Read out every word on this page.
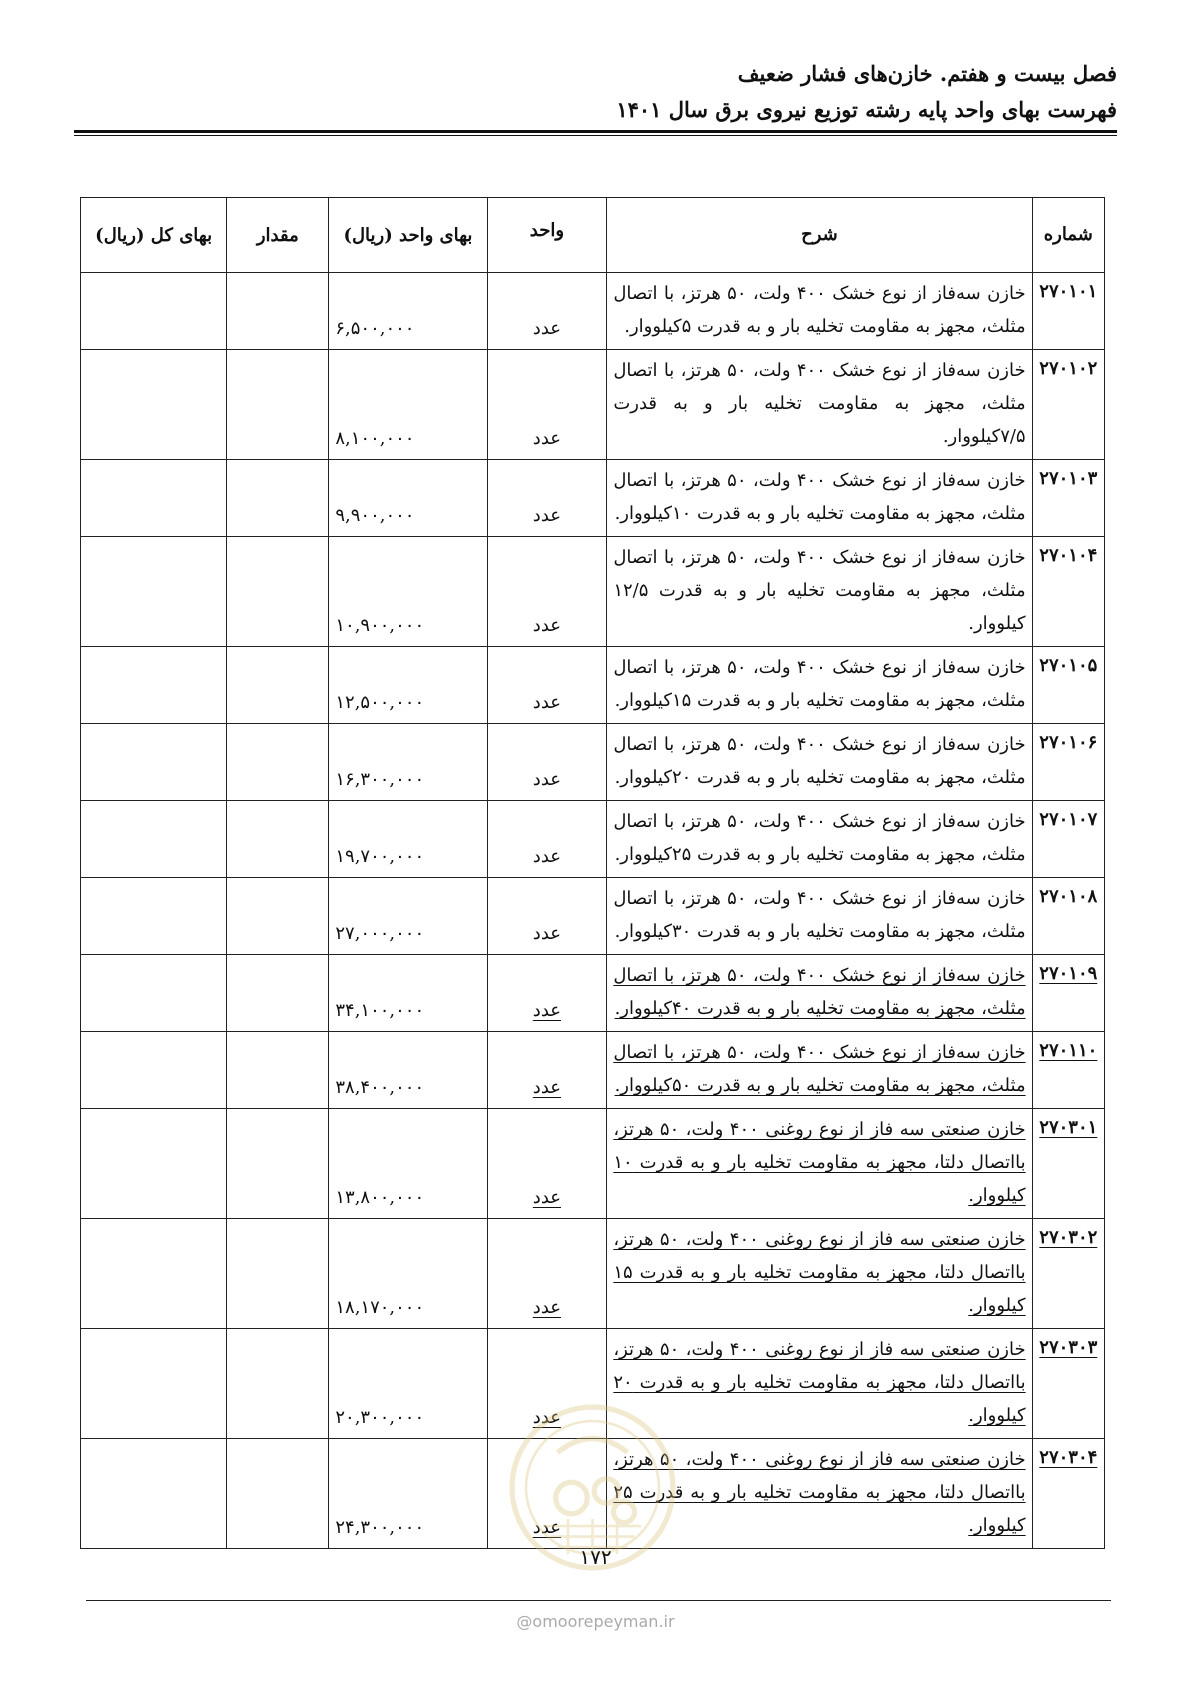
فصل بیست و هفتم. خازن‌های فشار ضعیف
فهرست بهای واحد پایه رشته توزیع نیروی برق سال ۱۴۰۱
شماره	شرح	واحد	بهای واحد (ریال)	مقدار	بهای کل (ریال)
۲۷۰۱۰۱	خازن سه‌فاز از نوع خشک ۴۰۰ ولت، ۵۰ هرتز، با اتصال مثلث، مجهز به مقاومت تخلیه بار و به قدرت ۵کیلووار.	عدد	۶,۵۰۰,۰۰۰		
۲۷۰۱۰۲	خازن سه‌فاز از نوع خشک ۴۰۰ ولت، ۵۰ هرتز، با اتصال مثلث، مجهز به مقاومت تخلیه بار و به قدرت ۷/۵کیلووار.	عدد	۸,۱۰۰,۰۰۰		
۲۷۰۱۰۳	خازن سه‌فاز از نوع خشک ۴۰۰ ولت، ۵۰ هرتز، با اتصال مثلث، مجهز به مقاومت تخلیه بار و به قدرت ۱۰کیلووار.	عدد	۹,۹۰۰,۰۰۰		
۲۷۰۱۰۴	خازن سه‌فاز از نوع خشک ۴۰۰ ولت، ۵۰ هرتز، با اتصال مثلث، مجهز به مقاومت تخلیه بار و به قدرت ۱۲/۵ کیلووار.	عدد	۱۰,۹۰۰,۰۰۰		
۲۷۰۱۰۵	خازن سه‌فاز از نوع خشک ۴۰۰ ولت، ۵۰ هرتز، با اتصال مثلث، مجهز به مقاومت تخلیه بار و به قدرت ۱۵کیلووار.	عدد	۱۲,۵۰۰,۰۰۰		
۲۷۰۱۰۶	خازن سه‌فاز از نوع خشک ۴۰۰ ولت، ۵۰ هرتز، با اتصال مثلث، مجهز به مقاومت تخلیه بار و به قدرت ۲۰کیلووار.	عدد	۱۶,۳۰۰,۰۰۰		
۲۷۰۱۰۷	خازن سه‌فاز از نوع خشک ۴۰۰ ولت، ۵۰ هرتز، با اتصال مثلث، مجهز به مقاومت تخلیه بار و به قدرت ۲۵کیلووار.	عدد	۱۹,۷۰۰,۰۰۰		
۲۷۰۱۰۸	خازن سه‌فاز از نوع خشک ۴۰۰ ولت، ۵۰ هرتز، با اتصال مثلث، مجهز به مقاومت تخلیه بار و به قدرت ۳۰کیلووار.	عدد	۲۷,۰۰۰,۰۰۰		
۲۷۰۱۰۹	خازن سه‌فاز از نوع خشک ۴۰۰ ولت، ۵۰ هرتز، با اتصال مثلث، مجهز به مقاومت تخلیه بار و به قدرت ۴۰کیلووار.	عدد	۳۴,۱۰۰,۰۰۰		
۲۷۰۱۱۰	خازن سه‌فاز از نوع خشک ۴۰۰ ولت، ۵۰ هرتز، با اتصال مثلث، مجهز به مقاومت تخلیه بار و به قدرت ۵۰کیلووار.	عدد	۳۸,۴۰۰,۰۰۰		
۲۷۰۳۰۱	خازن صنعتی سه فاز از نوع روغنی ۴۰۰ ولت، ۵۰ هرتز، بااتصال دلتا، مجهز به مقاومت تخلیه بار و به قدرت ۱۰ کیلووار.	عدد	۱۳,۸۰۰,۰۰۰		
۲۷۰۳۰۲	خازن صنعتی سه فاز از نوع روغنی ۴۰۰ ولت، ۵۰ هرتز، بااتصال دلتا، مجهز به مقاومت تخلیه بار و به قدرت ۱۵ کیلووار.	عدد	۱۸,۱۷۰,۰۰۰		
۲۷۰۳۰۳	خازن صنعتی سه فاز از نوع روغنی ۴۰۰ ولت، ۵۰ هرتز، بااتصال دلتا، مجهز به مقاومت تخلیه بار و به قدرت ۲۰ کیلووار.	عدد	۲۰,۳۰۰,۰۰۰		
۲۷۰۳۰۴	خازن صنعتی سه فاز از نوع روغنی ۴۰۰ ولت، ۵۰ هرتز، بااتصال دلتا، مجهز به مقاومت تخلیه بار و به قدرت ۲۵ کیلووار.	عدد	۲۴,۳۰۰,۰۰۰		
۱۷۲
@omoorepeyman.ir
